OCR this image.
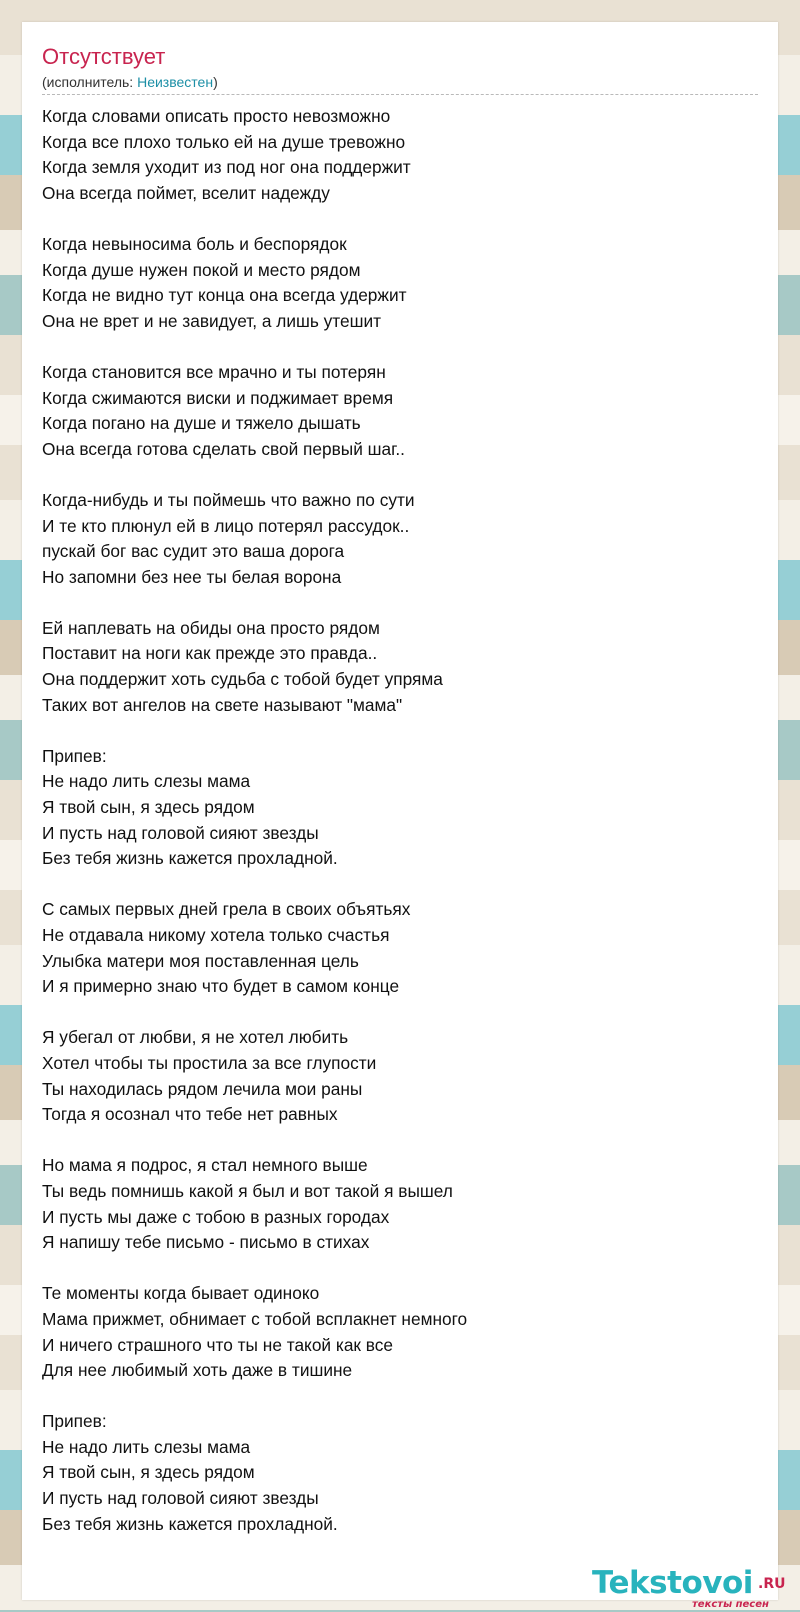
Отсутствует
(исполнитель: Неизвестен)
Когда словами описать просто невозможно
Когда все плохо только ей на душе тревожно
Когда земля уходит из под ног она поддержит
Она всегда поймет, вселит надежду
Когда невыносима боль и беспорядок
Когда душе нужен покой и место рядом
Когда не видно тут конца она всегда удержит
Она не врет и не завидует, а лишь утешит
Когда становится все мрачно и ты потерян
Когда сжимаются виски и поджимает время
Когда погано на душе и тяжело дышать
Она всегда готова сделать свой первый шаг..
Когда-нибудь и ты поймешь что важно по сути
И те кто плюнул ей в лицо потерял рассудок..
пускай бог вас судит это ваша дорога
Но запомни без нее ты белая ворона
Ей наплевать на обиды она просто рядом
Поставит на ноги как прежде это правда..
Она поддержит хоть судьба с тобой будет упряма
Таких вот ангелов на свете называют "мама"
Припев:
Не надо лить слезы мама
Я твой сын, я здесь рядом
И пусть над головой сияют звезды
Без тебя жизнь кажется прохладной.
С самых первых дней грела в своих объятьях
Не отдавала никому хотела только счастья
Улыбка матери моя поставленная цель
И я примерно знаю что будет в самом конце
Я убегал от любви, я не хотел любить
Хотел чтобы ты простила за все глупости
Ты находилась рядом лечила мои раны
Тогда я осознал что тебе нет равных
Но мама я подрос, я стал немного выше
Ты ведь помнишь какой я был и вот такой я вышел
И пусть мы даже с тобою в разных городах
Я напишу тебе письмо - письмо в стихах
Те моменты когда бывает одиноко
Мама прижмет, обнимает с тобой всплакнет немного
И ничего страшного что ты не такой как все
Для нее любимый хоть даже в тишине
Припев:
Не надо лить слезы мама
Я твой сын, я здесь рядом
И пусть над головой сияют звезды
Без тебя жизнь кажется прохладной.
Tekstovoi .RU
тексты песен
